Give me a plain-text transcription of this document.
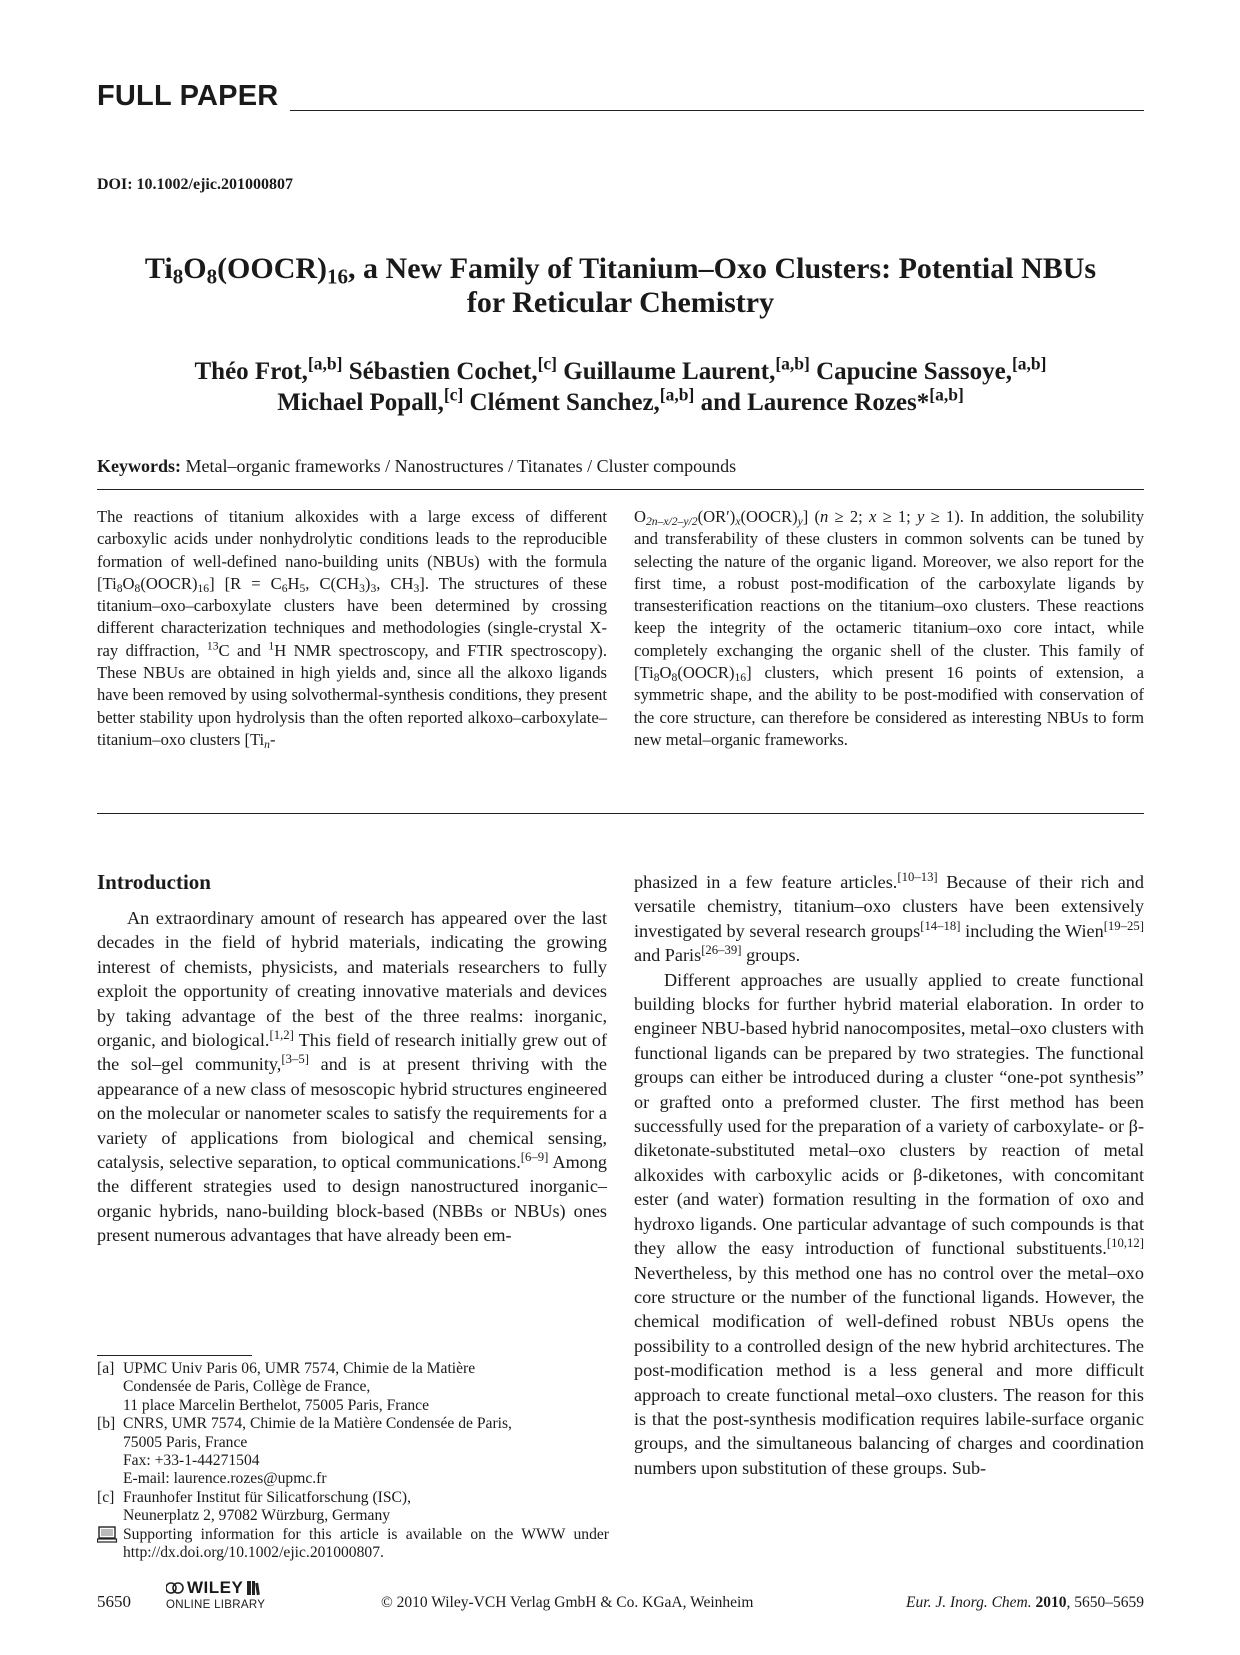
FULL PAPER
DOI: 10.1002/ejic.201000807
$Ti_8O_8(OOCR)_{16}$, a New Family of Titanium–Oxo Clusters: Potential NBUs
for Reticular Chemistry
Théo Frot,[a,b] Sébastien Cochet,[c] Guillaume Laurent,[a,b] Capucine Sassoye,[a,b]
Michael Popall,[c] Clément Sanchez,[a,b] and Laurence Rozes*[a,b]
Keywords: Metal–organic frameworks / Nanostructures / Titanates / Cluster compounds
The reactions of titanium alkoxides with a large excess of different carboxylic acids under nonhydrolytic conditions leads to the reproducible formation of well-defined nano-building units (NBUs) with the formula $[Ti_8O_8(OOCR)_{16}] [R = C_6H_5$, $C(CH_3)_3$, $CH_3$]. The structures of these titanium–oxo–carboxylate clusters have been determined by crossing different characterization techniques and methodologies (single-crystal X-ray diffraction, $^{13}$C and $^1$H NMR spectroscopy, and FTIR spectroscopy). These NBUs are obtained in high yields and, since all the alkoxo ligands have been removed by using solvothermal-synthesis conditions, they present better stability upon hydrolysis than the often reported alkoxo–carboxylate–titanium–oxo clusters [$Ti_n-$
$O_{2n-x/2-y/2}(OR')_x(OOCR)_y$] (n ≥ 2; x ≥ 1; y ≥ 1). In addition, the solubility and transferability of these clusters in common solvents can be tuned by selecting the nature of the organic ligand. Moreover, we also report for the first time, a robust post-modification of the carboxylate ligands by transesterification reactions on the titanium–oxo clusters. These reactions keep the integrity of the octameric titanium–oxo core intact, while completely exchanging the organic shell of the cluster. This family of $[Ti_8O_8(OOCR)_{16}]$ clusters, which present 16 points of extension, a symmetric shape, and the ability to be post-modified with conservation of the core structure, can therefore be considered as interesting NBUs to form new metal–organic frameworks.
Introduction

An extraordinary amount of research has appeared over the last decades in the field of hybrid materials, indicating the growing interest of chemists, physicists, and materials researchers to fully exploit the opportunity of creating innovative materials and devices by taking advantage of the best of the three realms: inorganic, organic, and biological.[1,2] This field of research initially grew out of the sol–gel community,[3–5] and is at present thriving with the appearance of a new class of mesoscopic hybrid structures engineered on the molecular or nanometer scales to satisfy the requirements for a variety of applications from biological and chemical sensing, catalysis, selective separation, to optical communications.[6–9] Among the different strategies used to design nanostructured inorganic–organic hybrids, nano-building block-based (NBBs or NBUs) ones present numerous advantages that have already been em-

phasized in a few feature articles.[10–13] Because of their rich and versatile chemistry, titanium–oxo clusters have been extensively investigated by several research groups[14–18] including the Wien[19–25] and Paris[26–39] groups.

Different approaches are usually applied to create functional building blocks for further hybrid material elaboration. In order to engineer NBU-based hybrid nanocomposites, metal–oxo clusters with functional ligands can be prepared by two strategies. The functional groups can either be introduced during a cluster “one-pot synthesis” or grafted onto a preformed cluster. The first method has been successfully used for the preparation of a variety of carboxylate- or β-diketonate-substituted metal–oxo clusters by reaction of metal alkoxides with carboxylic acids or β-diketones, with concomitant ester (and water) formation resulting in the formation of oxo and hydroxo ligands. One particular advantage of such compounds is that they allow the easy introduction of functional substituents.[10,12] Nevertheless, by this method one has no control over the metal–oxo core structure or the number of the functional ligands. However, the chemical modification of well-defined robust NBUs opens the possibility to a controlled design of the new hybrid architectures. The post-modification method is a less general and more difficult approach to create functional metal–oxo clusters. The reason for this is that the post-synthesis modification requires labile-surface organic groups, and the simultaneous balancing of charges and coordination numbers upon substitution of these groups. Sub-

[a] UPMC Univ Paris 06, UMR 7574, Chimie de la Matière
Condensée de Paris, Collège de France,
11 place Marcelin Berthelot, 75005 Paris, France
[b] CNRS, UMR 7574, Chimie de la Matière Condensée de Paris,
75005 Paris, France
Fax: +33-1-44271504
E-mail: laurence.rozes@upmc.fr
[c] Fraunhofer Institut für Silicatforschung (ISC),
Neunerplatz 2, 97082 Würzburg, Germany
Supporting information for this article is available on the WWW under http://dx.doi.org/10.1002/ejic.201000807.
5650
WILEY
ONLINE LIBRARY	© 2010 Wiley-VCH Verlag GmbH & Co. KGaA, Weinheim	Eur. J. Inorg. Chem. 2010, 5650–5659
